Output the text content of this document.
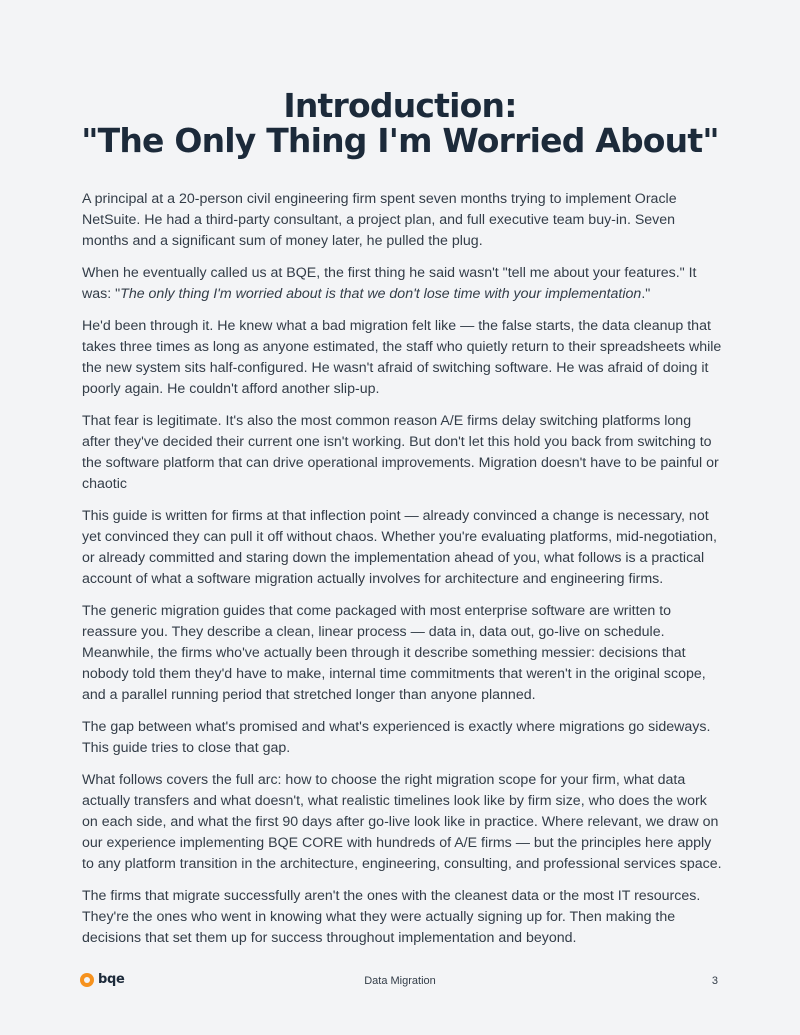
Introduction:
"The Only Thing I'm Worried About"

A principal at a 20-person civil engineering firm spent seven months trying to implement Oracle NetSuite. He had a third-party consultant, a project plan, and full executive team buy-in. Seven months and a significant sum of money later, he pulled the plug.

When he eventually called us at BQE, the first thing he said wasn't "tell me about your features." It was: "The only thing I'm worried about is that we don't lose time with your implementation."

He'd been through it. He knew what a bad migration felt like — the false starts, the data cleanup that takes three times as long as anyone estimated, the staff who quietly return to their spreadsheets while the new system sits half-configured. He wasn't afraid of switching software. He was afraid of doing it poorly again. He couldn't afford another slip-up.

That fear is legitimate. It's also the most common reason A/E firms delay switching platforms long after they've decided their current one isn't working. But don't let this hold you back from switching to the software platform that can drive operational improvements. Migration doesn't have to be painful or chaotic

This guide is written for firms at that inflection point — already convinced a change is necessary, not yet convinced they can pull it off without chaos. Whether you're evaluating platforms, mid-negotiation, or already committed and staring down the implementation ahead of you, what follows is a practical account of what a software migration actually involves for architecture and engineering firms.

The generic migration guides that come packaged with most enterprise software are written to reassure you. They describe a clean, linear process — data in, data out, go-live on schedule. Meanwhile, the firms who've actually been through it describe something messier: decisions that nobody told them they'd have to make, internal time commitments that weren't in the original scope, and a parallel running period that stretched longer than anyone planned.

The gap between what's promised and what's experienced is exactly where migrations go sideways. This guide tries to close that gap.

What follows covers the full arc: how to choose the right migration scope for your firm, what data actually transfers and what doesn't, what realistic timelines look like by firm size, who does the work on each side, and what the first 90 days after go-live look like in practice. Where relevant, we draw on our experience implementing BQE CORE with hundreds of A/E firms — but the principles here apply to any platform transition in the architecture, engineering, consulting, and professional services space.

The firms that migrate successfully aren't the ones with the cleanest data or the most IT resources. They're the ones who went in knowing what they were actually signing up for. Then making the decisions that set them up for success throughout implementation and beyond.

bqe	Data Migration	3
